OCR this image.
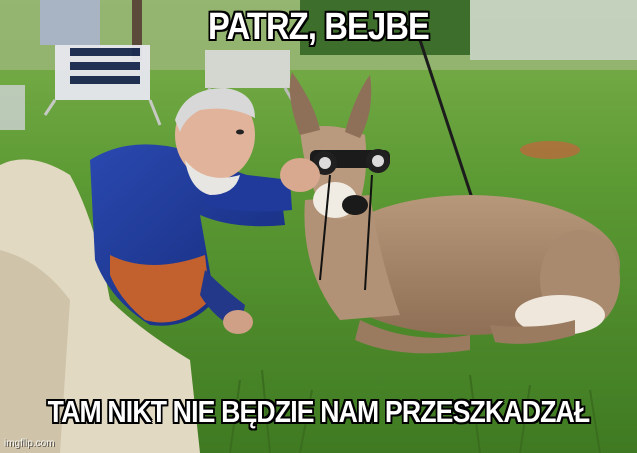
PATRZ, BEJBE
TAM NIKT NIE BĘDZIE NAM PRZESZKADZAŁ
imgflip.com
